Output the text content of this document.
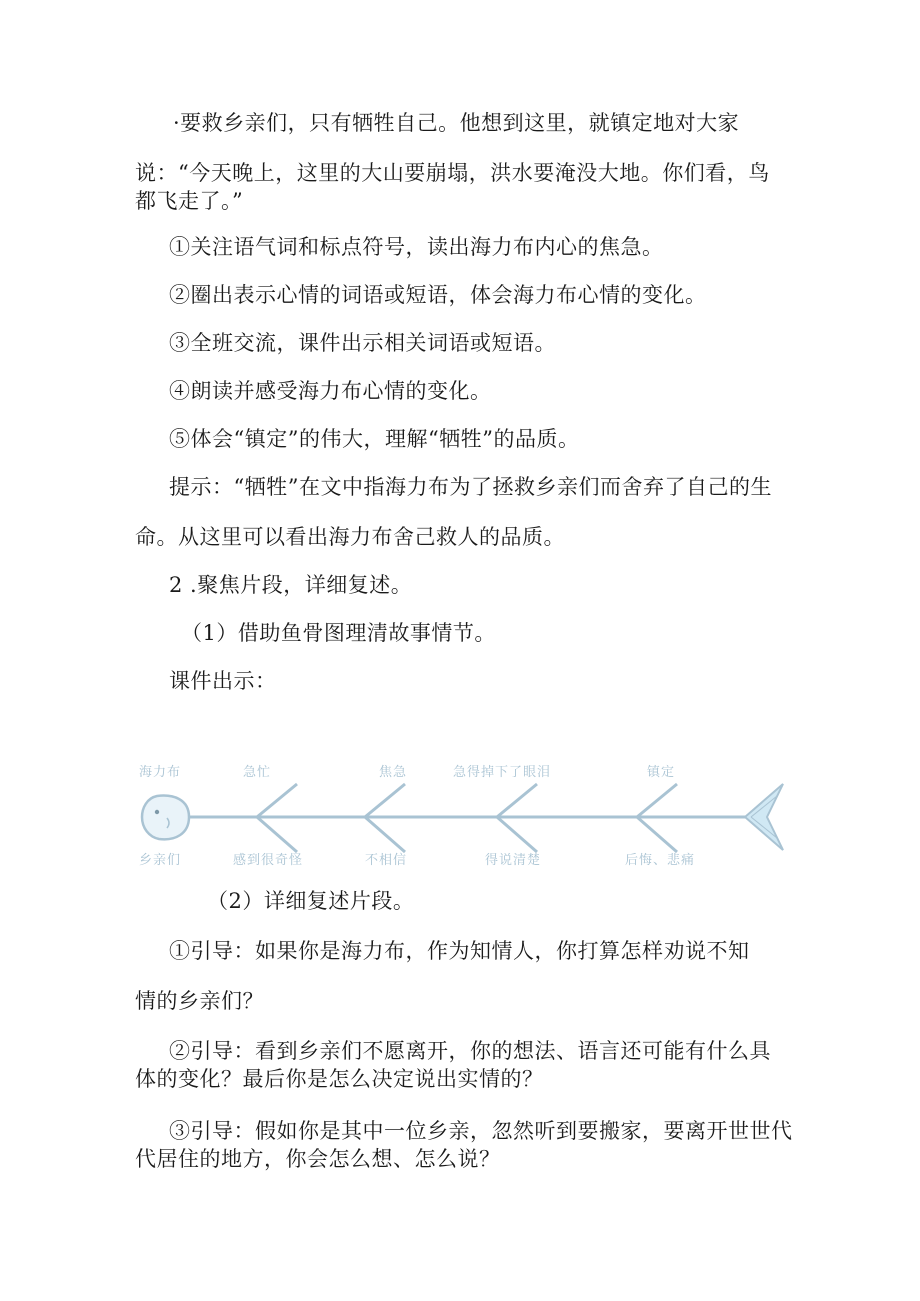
·要救乡亲们，只有牺牲自己。他想到这里，就镇定地对大家
说：“今天晚上，这里的大山要崩塌，洪水要淹没大地。你们看，鸟
都飞走了。”
①关注语气词和标点符号，读出海力布内心的焦急。
②圈出表示心情的词语或短语，体会海力布心情的变化。
③全班交流，课件出示相关词语或短语。
④朗读并感受海力布心情的变化。
⑤体会“镇定”的伟大，理解“牺牲”的品质。
提示：“牺牲”在文中指海力布为了拯救乡亲们而舍弃了自己的生
命。从这里可以看出海力布舍己救人的品质。
2 .聚焦片段，详细复述。
（1）借助鱼骨图理清故事情节。
课件出示：
海力布	急忙	焦急	急得掉下了眼泪	镇定
乡亲们	感到很奇怪	不相信	得说清楚	后悔、悲痛
（2）详细复述片段。
①引导：如果你是海力布，作为知情人，你打算怎样劝说不知
情的乡亲们？
②引导：看到乡亲们不愿离开，你的想法、语言还可能有什么具
体的变化？最后你是怎么决定说出实情的？
③引导：假如你是其中一位乡亲，忽然听到要搬家，要离开世世代
代居住的地方，你会怎么想、怎么说？
